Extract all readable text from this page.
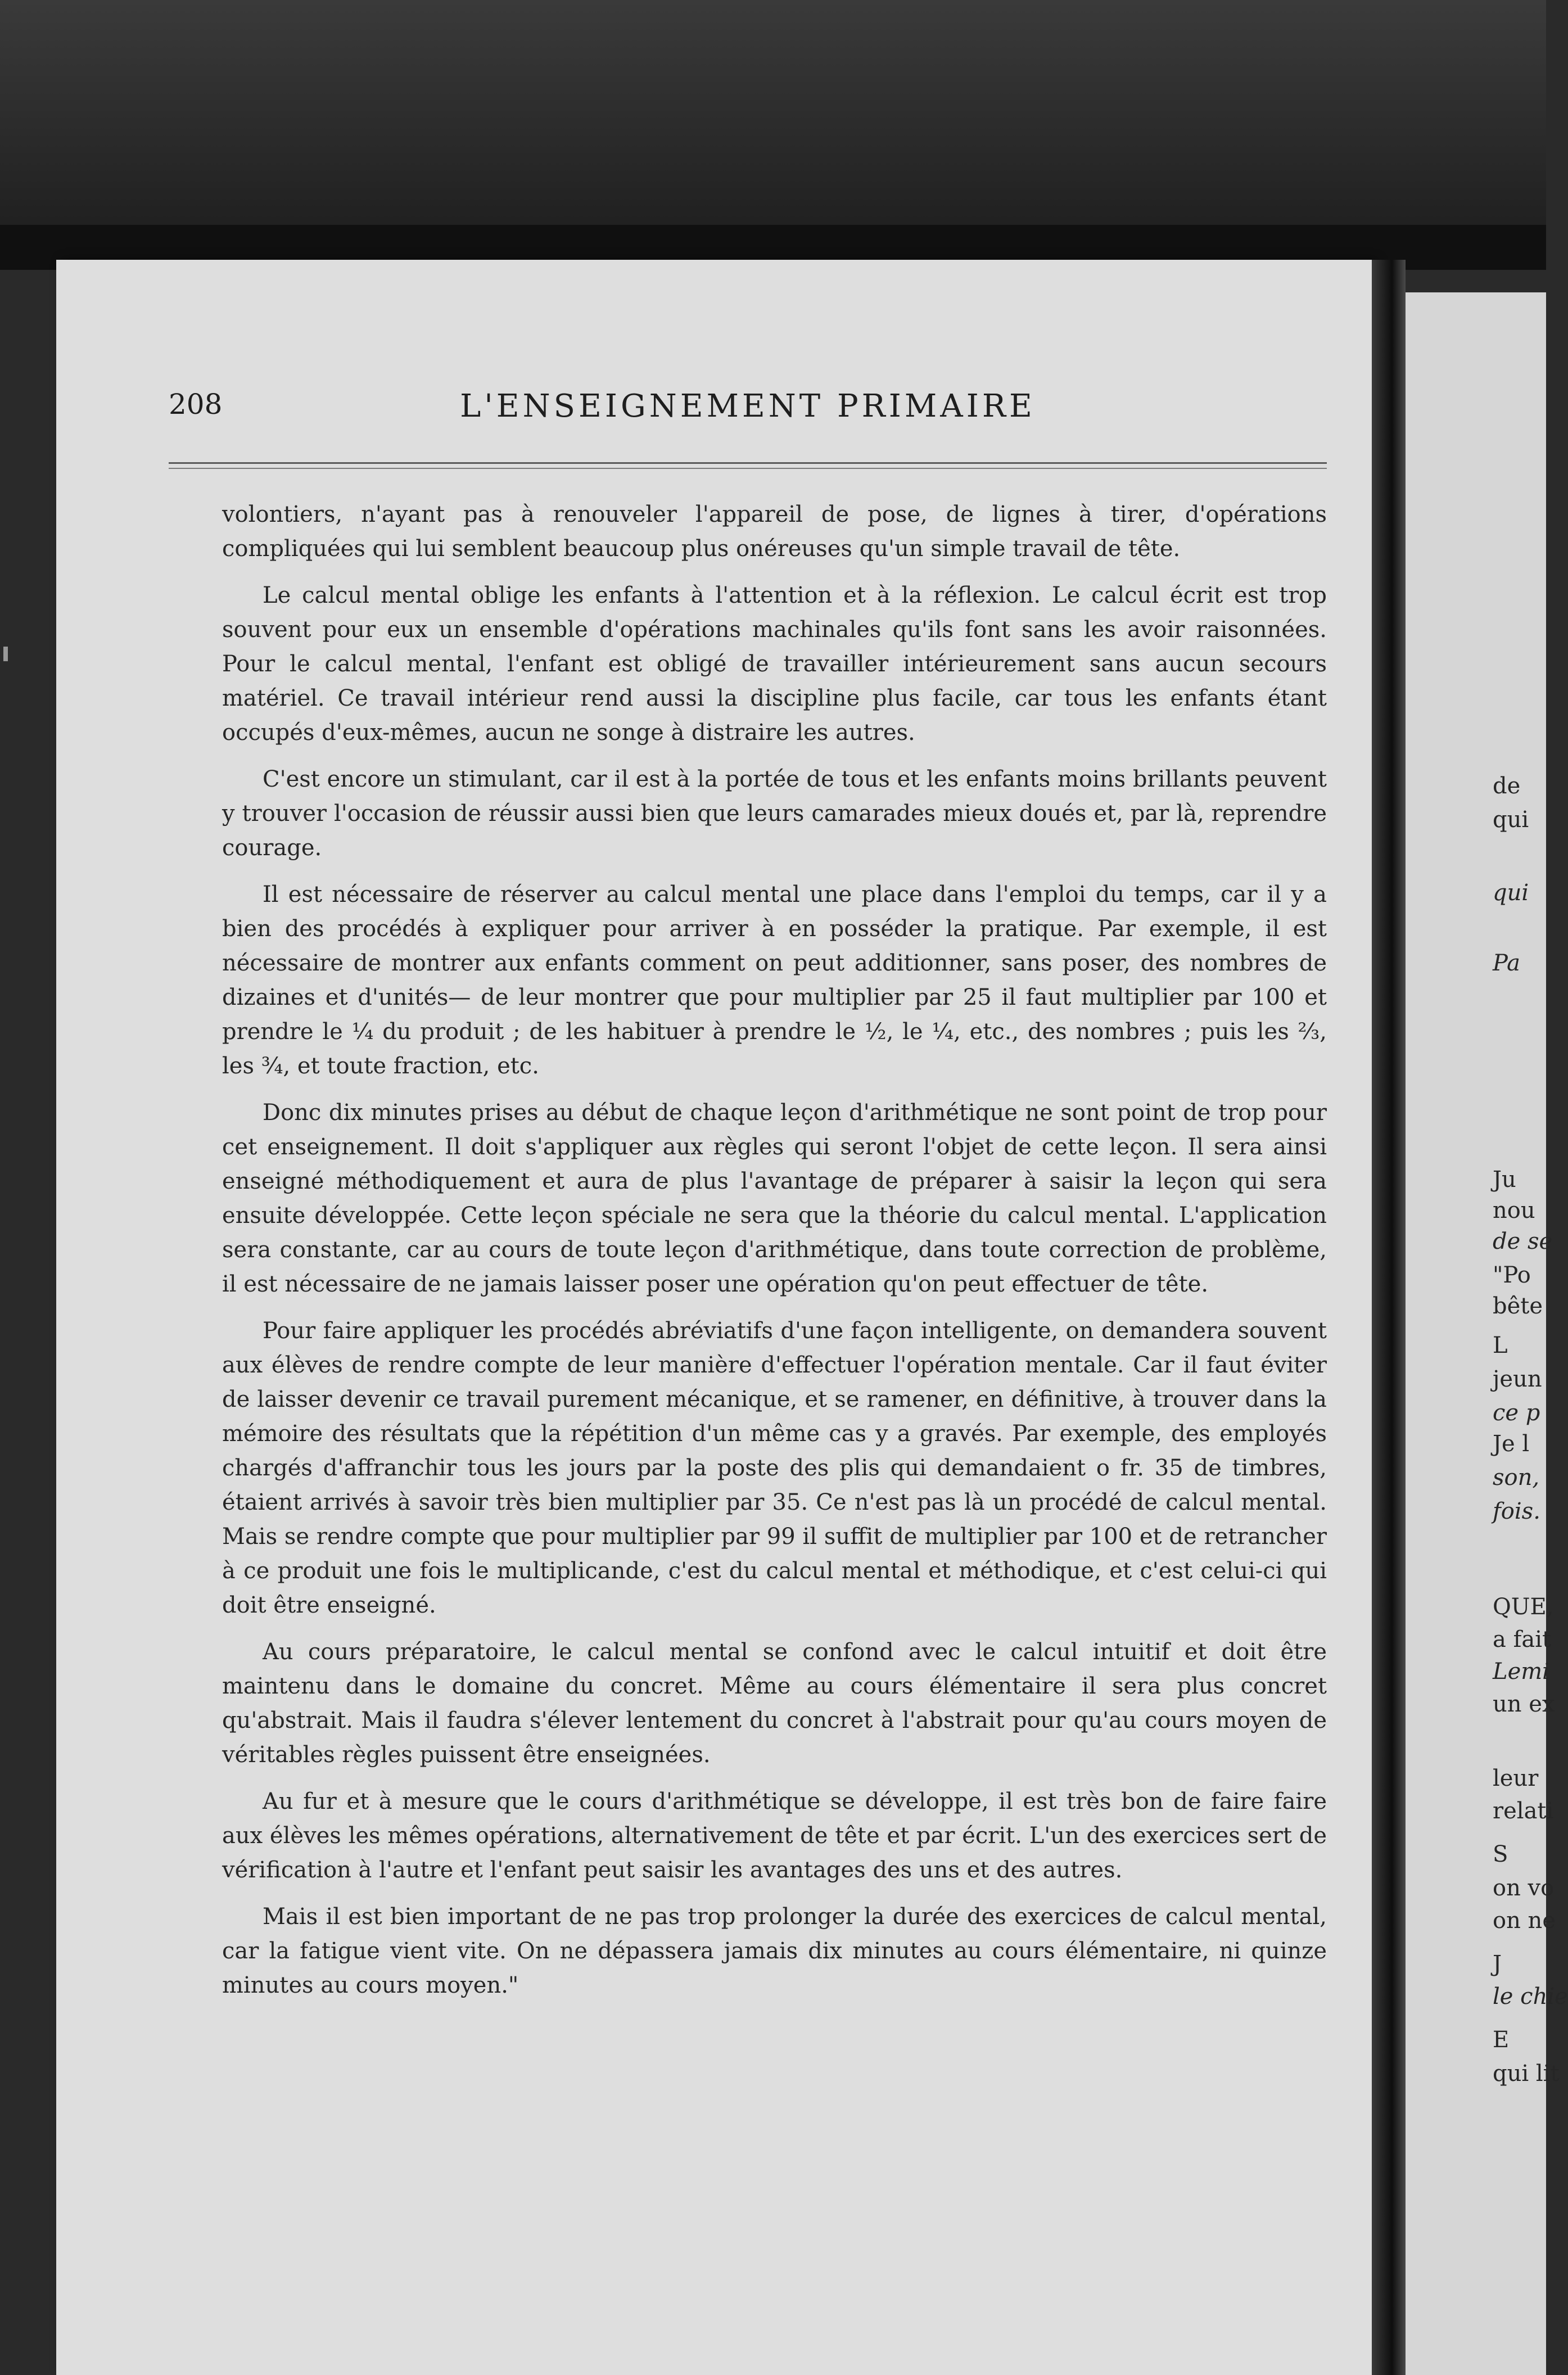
208	L'ENSEIGNEMENT PRIMAIRE

volontiers, n'ayant pas à renouveler l'appareil de pose, de lignes à tirer, d'opérations compliquées qui lui semblent beaucoup plus onéreuses qu'un simple travail de tête.

Le calcul mental oblige les enfants à l'attention et à la réflexion. Le calcul écrit est trop souvent pour eux un ensemble d'opérations machinales qu'ils font sans les avoir raisonnées. Pour le calcul mental, l'enfant est obligé de travailler intérieurement sans aucun secours matériel. Ce travail intérieur rend aussi la discipline plus facile, car tous les enfants étant occupés d'eux-mêmes, aucun ne songe à distraire les autres.

C'est encore un stimulant, car il est à la portée de tous et les enfants moins brillants peuvent y trouver l'occasion de réussir aussi bien que leurs camarades mieux doués et, par là, reprendre courage.

Il est nécessaire de réserver au calcul mental une place dans l'emploi du temps, car il y a bien des procédés à expliquer pour arriver à en posséder la pratique. Par exemple, il est nécessaire de montrer aux enfants comment on peut additionner, sans poser, des nombres de dizaines et d'unités— de leur montrer que pour multiplier par 25 il faut multiplier par 100 et prendre le ¼ du produit ; de les habituer à prendre le ½, le ¼, etc., des nombres ; puis les ⅔, les ¾, et toute fraction, etc.

Donc dix minutes prises au début de chaque leçon d'arithmétique ne sont point de trop pour cet enseignement. Il doit s'appliquer aux règles qui seront l'objet de cette leçon. Il sera ainsi enseigné méthodiquement et aura de plus l'avantage de préparer à saisir la leçon qui sera ensuite développée. Cette leçon spéciale ne sera que la théorie du calcul mental. L'application sera constante, car au cours de toute leçon d'arithmétique, dans toute correction de problème, il est nécessaire de ne jamais laisser poser une opération qu'on peut effectuer de tête.

Pour faire appliquer les procédés abréviatifs d'une façon intelligente, on demandera souvent aux élèves de rendre compte de leur manière d'effectuer l'opération mentale. Car il faut éviter de laisser devenir ce travail purement mécanique, et se ramener, en définitive, à trouver dans la mémoire des résultats que la répétition d'un même cas y a gravés. Par exemple, des employés chargés d'affranchir tous les jours par la poste des plis qui demandaient o fr. 35 de timbres, étaient arrivés à savoir très bien multiplier par 35. Ce n'est pas là un procédé de calcul mental. Mais se rendre compte que pour multiplier par 99 il suffit de multiplier par 100 et de retrancher à ce produit une fois le multiplicande, c'est du calcul mental et méthodique, et c'est celui-ci qui doit être enseigné.

Au cours préparatoire, le calcul mental se confond avec le calcul intuitif et doit être maintenu dans le domaine du concret. Même au cours élémentaire il sera plus concret qu'abstrait. Mais il faudra s'élever lentement du concret à l'abstrait pour qu'au cours moyen de véritables règles puissent être enseignées.

Au fur et à mesure que le cours d'arithmétique se développe, il est très bon de faire faire aux élèves les mêmes opérations, alternativement de tête et par écrit. L'un des exercices sert de vérification à l'autre et l'enfant peut saisir les avantages des uns et des autres.

Mais il est bien important de ne pas trop prolonger la durée des exercices de calcul mental, car la fatigue vient vite. On ne dépassera jamais dix minutes au cours élémentaire, ni quinze minutes au cours moyen."

de
qui
qui
Pa
Ju
nou
de se
"Po
bête
L
jeun
ce p
Je l
son,
fois.
QUE,
a fait
Lemi
un ex
leur
relati
S
on vo
on ne
J
le chie
E
qui lit
